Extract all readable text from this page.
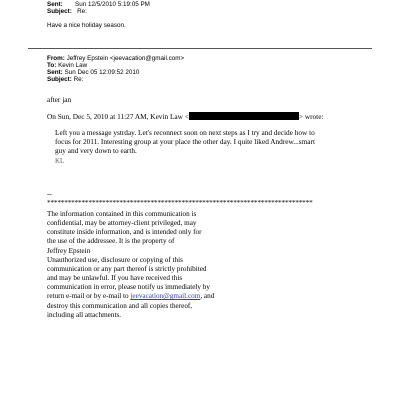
Sent: Sun 12/5/2010 5:19:05 PM
Subject: Re:
Have a nice holiday season.
From: Jeffrey Epstein <jeevacation@gmail.com>
To: Kevin Law
Sent: Sun Dec 05 12:09:52 2010
Subject: Re:
after jan
On Sun, Dec 5, 2010 at 11:27 AM, Kevin Law <	> wrote:
Left you a message ystrday. Let's reconnect soon on next steps as I try and decide how to
focus for 2011. Interesting group at your place the other day. I quite liked Andrew...smart
guy and very down to earth.
KL
--
*****************************************************************************
The information contained in this communication is
confidential, may be attorney-client privileged, may
constitute inside information, and is intended only for
the use of the addressee. It is the property of
Jeffrey Epstein
Unauthorized use, disclosure or copying of this
communication or any part thereof is strictly prohibited
and may be unlawful. If you have received this
communication in error, please notify us immediately by
return e-mail or by e-mail to jeevacation@gmail.com, and
destroy this communication and all copies thereof,
including all attachments.
